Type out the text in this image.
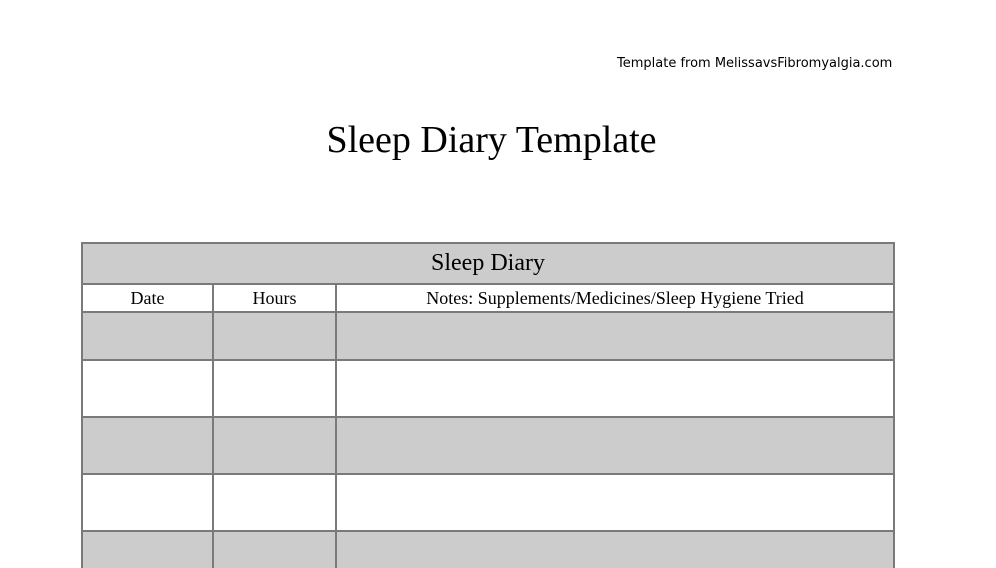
Template from MelissavsFibromyalgia.com
Sleep Diary Template
Sleep Diary		
Date	Hours	Notes: Supplements/Medicines/Sleep Hygiene Tried
